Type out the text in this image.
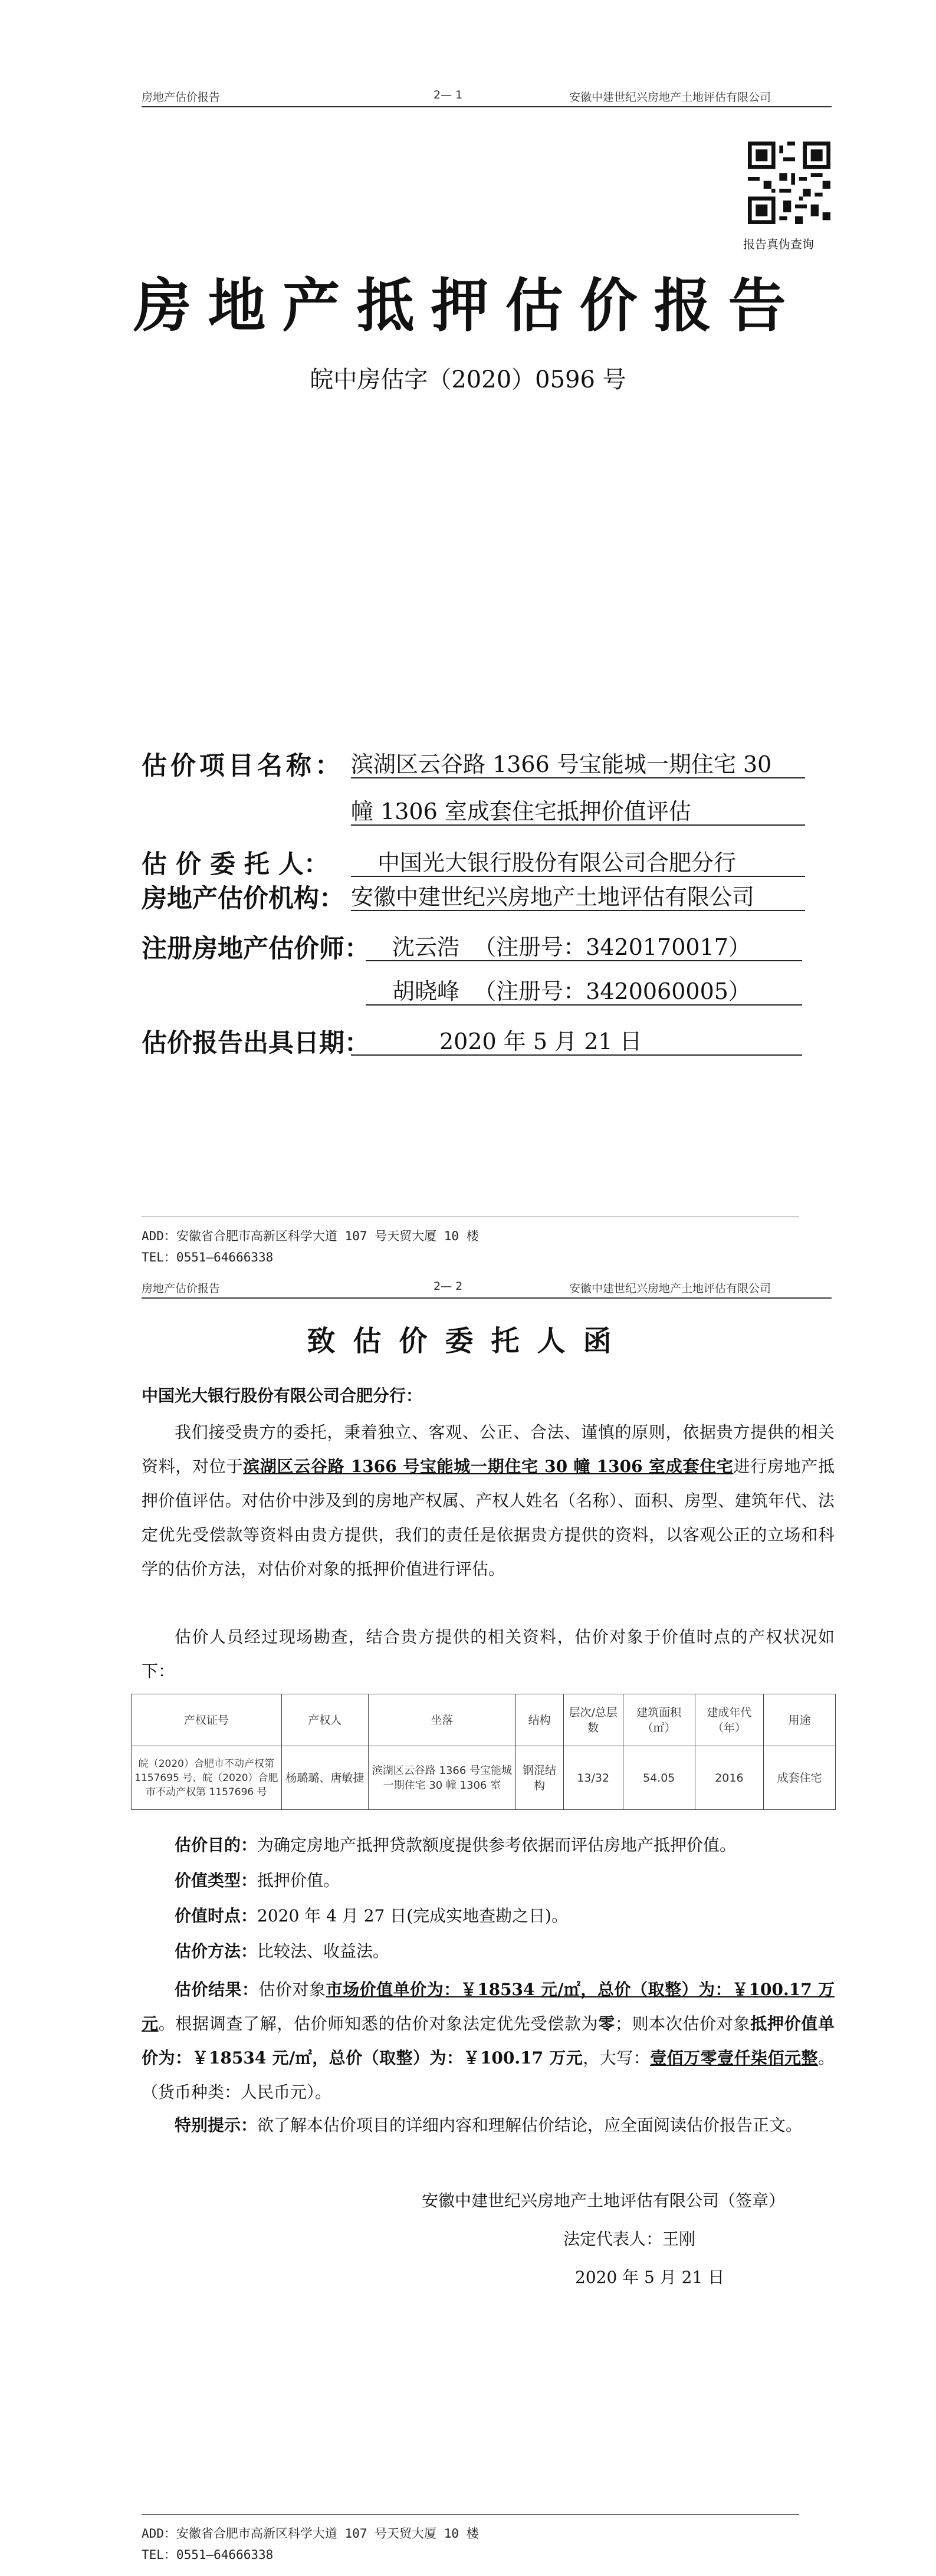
房地产估价报告	2— 1	安徽中建世纪兴房地产土地评估有限公司
报告真伪查询
房地产抵押估价报告
皖中房估字（2020）0596 号
估价项目名称： 滨湖区云谷路 1366 号宝能城一期住宅 30
幢 1306 室成套住宅抵押价值评估
估 价 委 托 人： 中国光大银行股份有限公司合肥分行
房地产估价机构： 安徽中建世纪兴房地产土地评估有限公司
注册房地产估价师： 沈云浩  （注册号：3420170017）
胡晓峰  （注册号：3420060005）
估价报告出具日期：	2020 年 5 月 21 日
ADD：安徽省合肥市高新区科学大道 107 号天贸大厦 10 楼
TEL：0551—64666338
房地产估价报告	2— 2	安徽中建世纪兴房地产土地评估有限公司
致估价委托人函
中国光大银行股份有限公司合肥分行：
我们接受贵方的委托，秉着独立、客观、公正、合法、谨慎的原则，依据贵方提供的相关资料，对位于滨湖区云谷路 1366 号宝能城一期住宅 30 幢 1306 室成套住宅进行房地产抵押价值评估。对估价中涉及到的房地产权属、产权人姓名（名称）、面积、房型、建筑年代、法定优先受偿款等资料由贵方提供，我们的责任是依据贵方提供的资料，以客观公正的立场和科学的估价方法，对估价对象的抵押价值进行评估。
估价人员经过现场勘查，结合贵方提供的相关资料，估价对象于价值时点的产权状况如下：
产权证号	产权人	坐落	结构	层次/总层数	建筑面积（㎡）	建成年代（年）	用途
皖（2020）合肥市不动产权第 1157695 号、皖（2020）合肥市不动产权第 1157696 号	杨璐璐、唐敏捷	滨湖区云谷路 1366 号宝能城一期住宅 30 幢 1306 室	钢混结构	13/32	54.05	2016	成套住宅
估价目的：为确定房地产抵押贷款额度提供参考依据而评估房地产抵押价值。
价值类型：抵押价值。
价值时点：2020 年 4 月 27 日(完成实地查勘之日)。
估价方法：比较法、收益法。
估价结果：估价对象市场价值单价为：￥18534 元/㎡，总价（取整）为：￥100.17 万元。根据调查了解，估价师知悉的估价对象法定优先受偿款为零；则本次估价对象抵押价值单价为：￥18534 元/㎡，总价（取整）为：￥100.17 万元，大写：壹佰万零壹仟柒佰元整。（货币种类：人民币元）。
特别提示：欲了解本估价项目的详细内容和理解估价结论，应全面阅读估价报告正文。
安徽中建世纪兴房地产土地评估有限公司（签章）
法定代表人：王刚
2020 年 5 月 21 日
ADD：安徽省合肥市高新区科学大道 107 号天贸大厦 10 楼
TEL：0551—64666338
